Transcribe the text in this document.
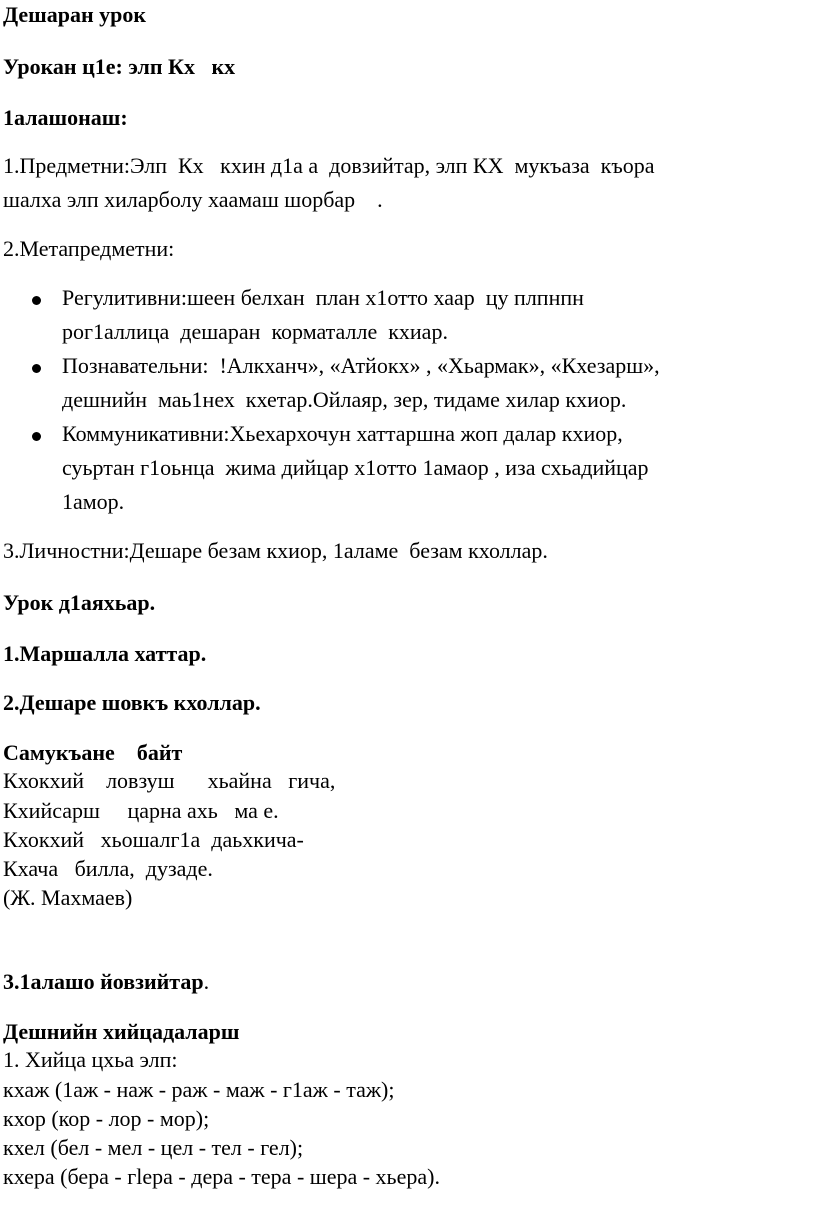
Дешаран урок
Урокан ц1е: элп Кх   кх
1алашонаш:
1.Предметни:Элп  Кх   кхин д1а а  довзийтар, элп КХ  мукъаза  къора
шалха элп хиларболу хаамаш шорбар    .
2.Метапредметни:
Регулитивни:шеен белхан  план х1отто хаар  цу плпнпн
рог1аллица  дешаран  корматалле  кхиар.
Познавательни:  !Алкханч», «Атйокх» , «Хьармак», «Кхезарш»,
дешнийн  маь1нех  кхетар.Ойлаяр, зер, тидаме хилар кхиор.
Коммуникативни:Хьехархочун хаттаршна жоп далар кхиор,
суьртан г1оьнца  жима дийцар х1отто 1амаор , иза схьадийцар
1амор.
3.Личностни:Дешаре безам кхиор, 1аламе  безам кхоллар.
Урок д1аяхьар.
1.Маршалла хаттар.
2.Дешаре шовкъ кхоллар.
Самукъане    байт
Кхокхий    ловзуш      хьайна   гича,
Кхийсарш     царна ахь   ма е.
Кхокхий   хьошалг1а  даьхкича-
Кхача   билла,  дузаде.
(Ж. Махмаев)
3.1алашо йовзийтар.
Дешнийн хийцадаларш
1. Хийца цхьа элп:
кхаж (1аж - наж - раж - маж - г1аж - таж);
кхор (кор - лор - мор);
кхел (бел - мел - цел - тел - гел);
кхера (бера - гlера - дера - тера - шера - хьера).
